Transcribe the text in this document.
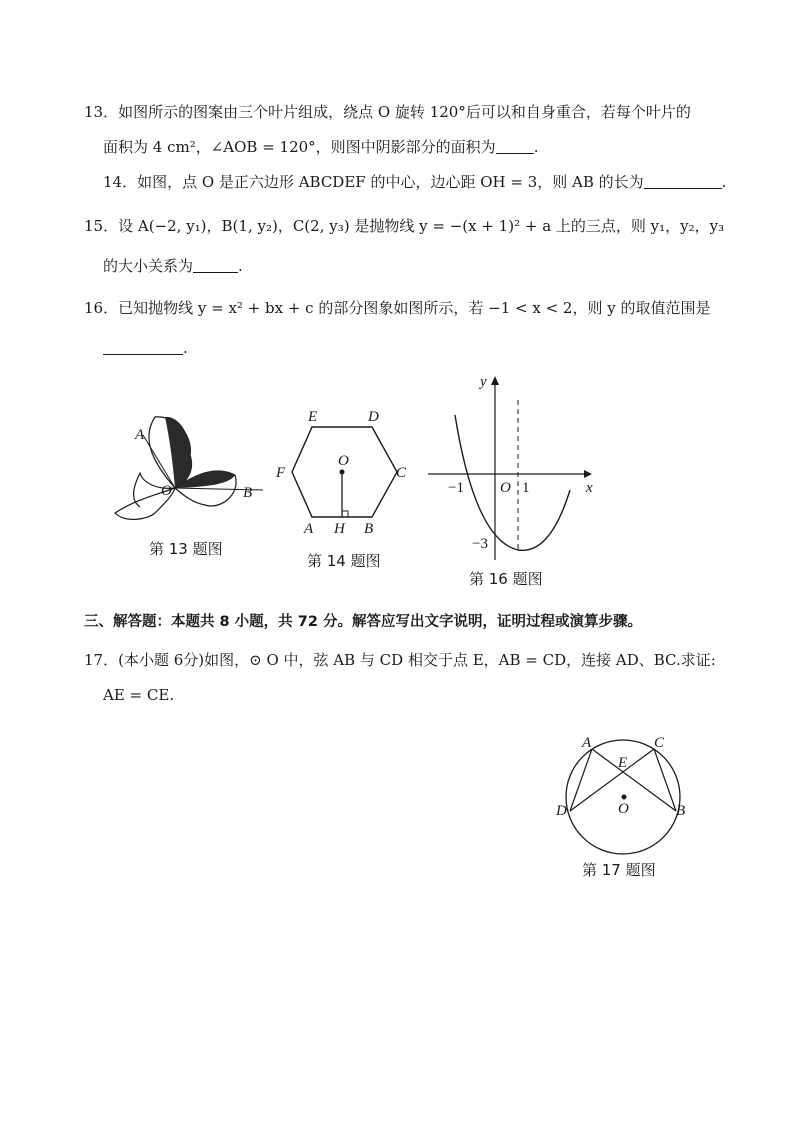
13．如图所示的图案由三个叶片组成，绕点 O 旋转 120°后可以和自身重合，若每个叶片的
面积为 4 cm²，∠AOB = 120°，则图中阴影部分的面积为	.
14．如图，点 O 是正六边形 ABCDEF 的中心，边心距 OH = 3，则 AB 的长为	.
15．设 A(−2, y₁)，B(1, y₂)，C(2, y₃) 是抛物线 y = −(x + 1)² + a 上的三点，则 y₁，y₂，y₃
的大小关系为	.
16．已知抛物线 y = x² + bx + c 的部分图象如图所示，若 −1 < x < 2，则 y 的取值范围是
.
A
O	B
第 13 题图
E	D
F
O
C
A H B
第 14 题图
y
x
−1 O 1
−3
第 16 题图
三、解答题：本题共 8 小题，共 72 分。解答应写出文字说明，证明过程或演算步骤。
17．(本小题 6分)如图，⊙ O 中，弦 AB 与 CD 相交于点 E，AB = CD，连接 AD、BC.求证:
AE = CE.
A	C
E
D	O	B
第 17 题图
